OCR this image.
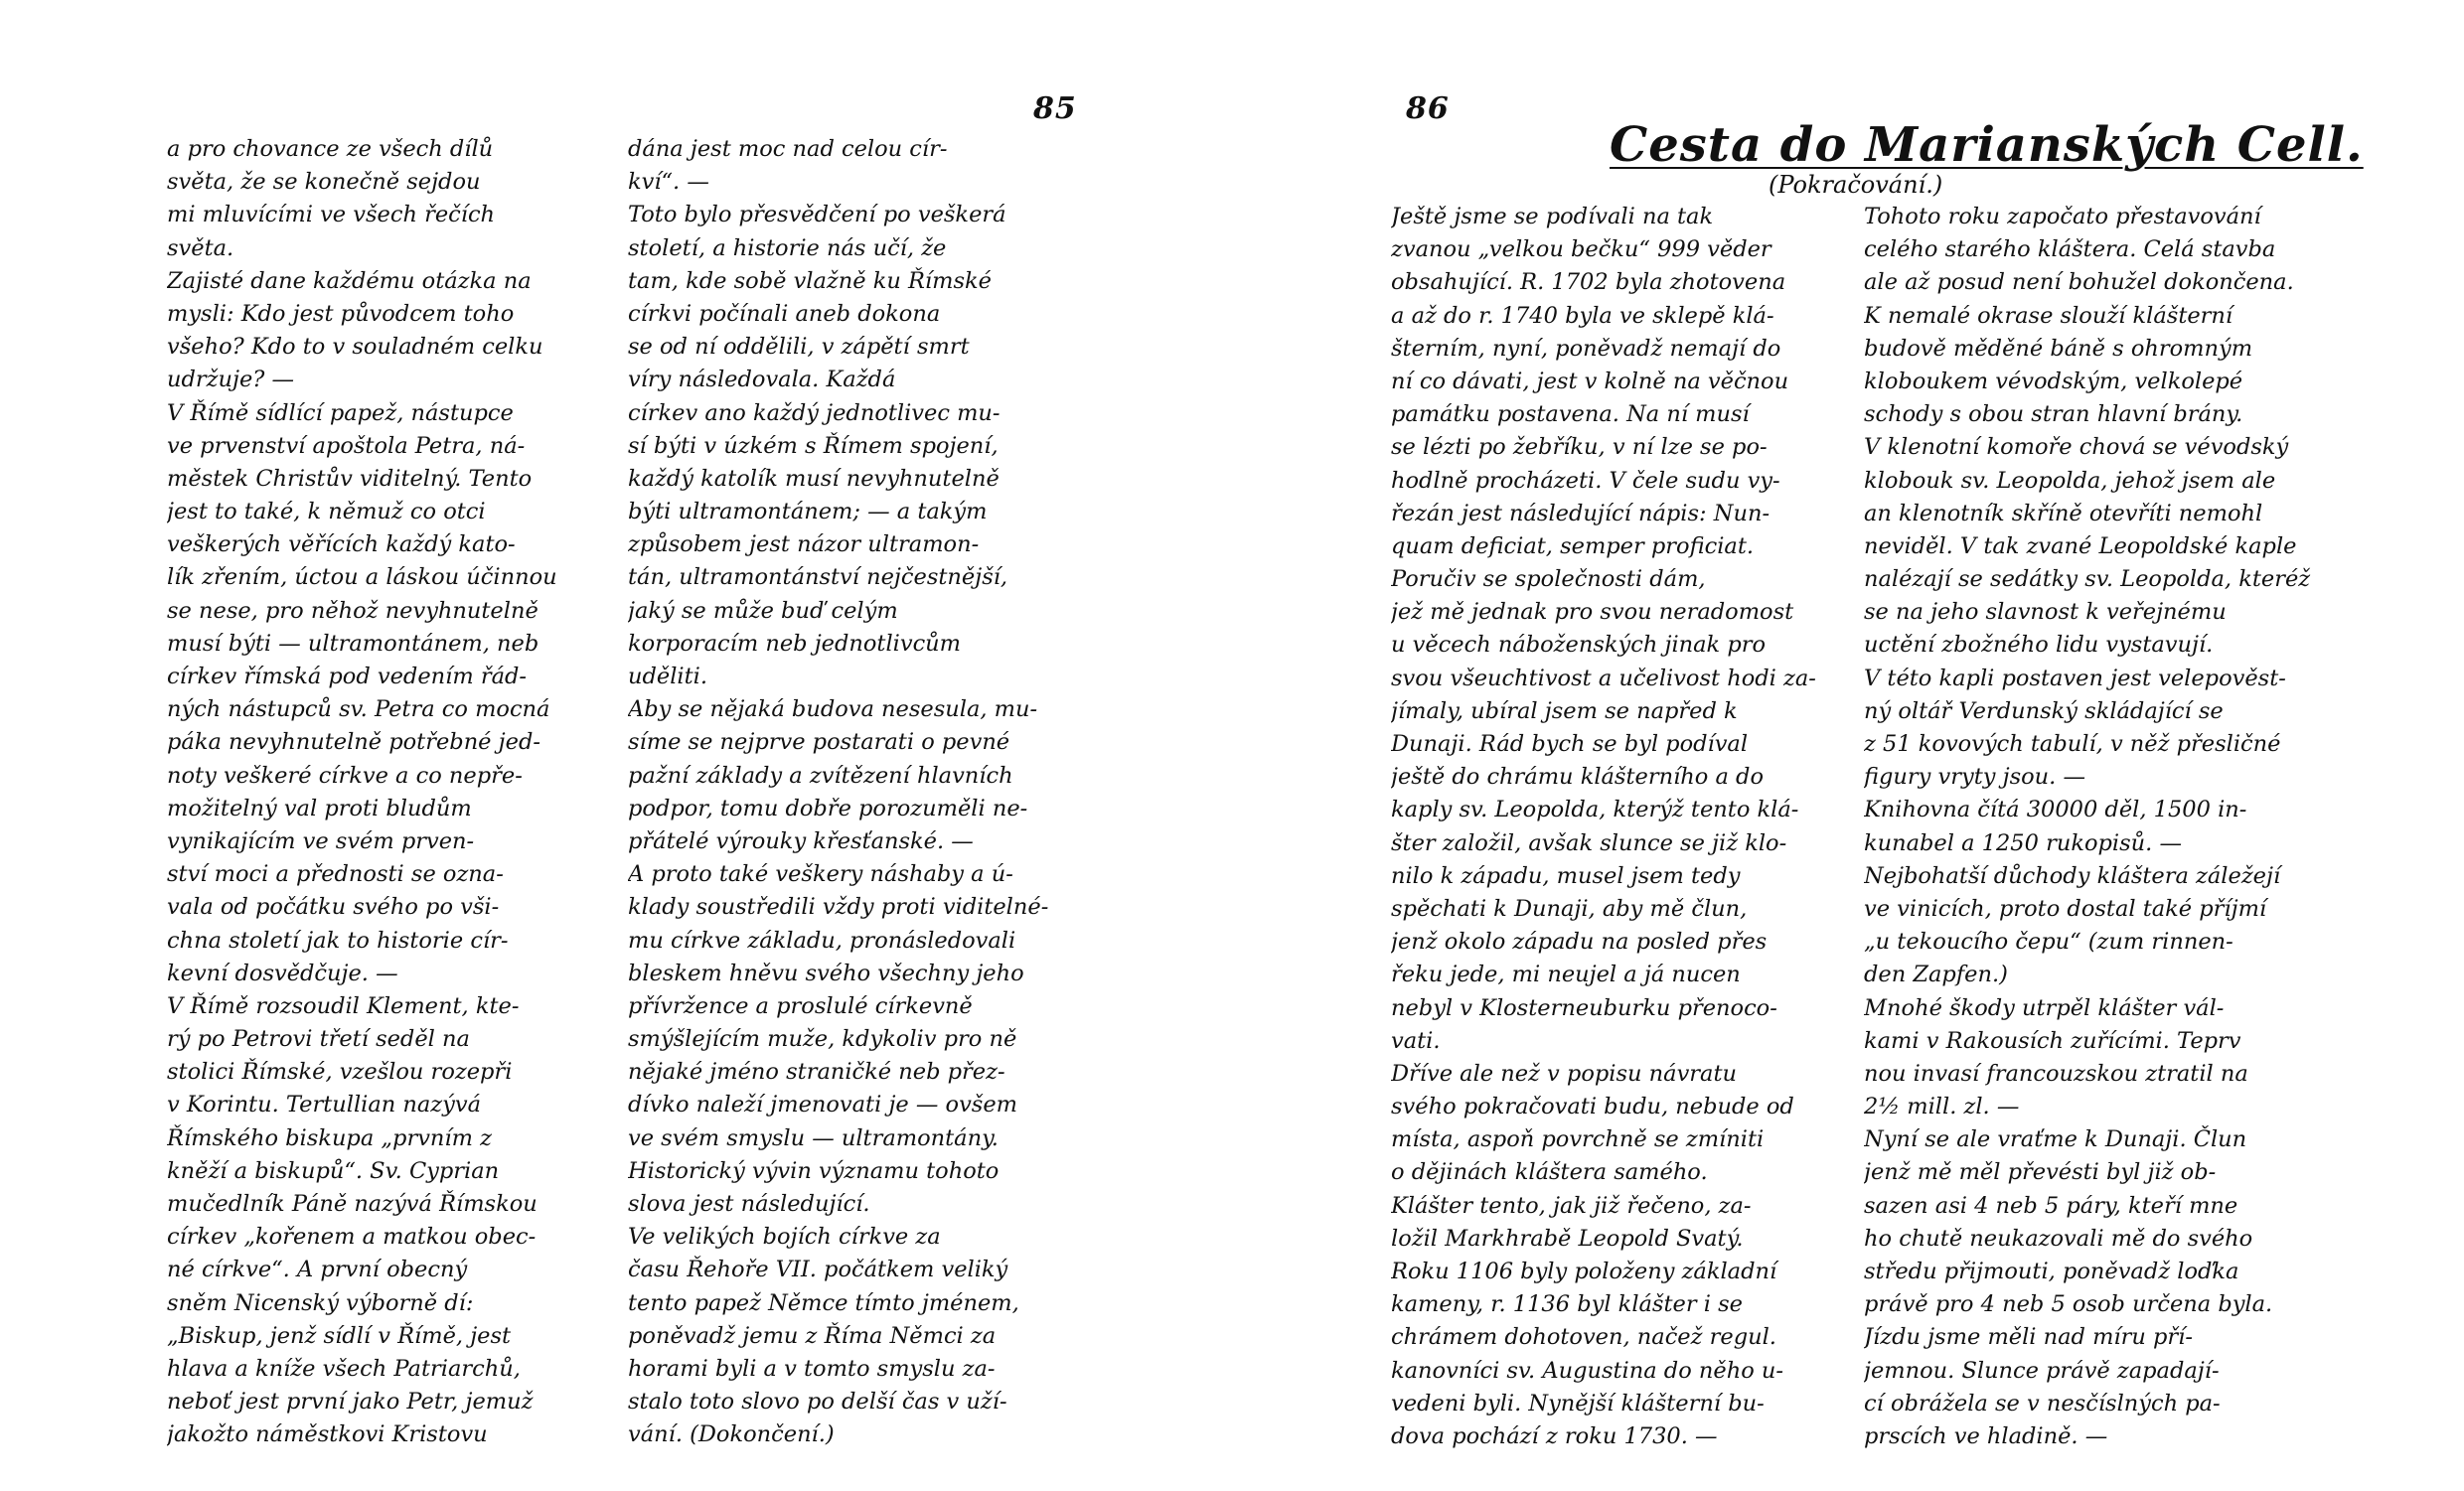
85
a pro chovance ze všech dílů
světa, že se konečně sejdou
mi mluvícími ve všech řečích
světa.
Zajisté dane každému otázka na
mysli: Kdo jest původcem toho
všeho? Kdo to v souladném celku
udržuje? —
V Římě sídlící papež, nástupce
ve prvenství apoštola Petra, ná-
městek Christův viditelný. Tento
jest to také, k němuž co otci
veškerých věřících každý kato-
lík zřením, úctou a láskou účinnou
se nese, pro něhož nevyhnutelně
musí býti — ultramontánem, neb
církev římská pod vedením řád-
ných nástupců sv. Petra co mocná
páka nevyhnutelně potřebné jed-
noty veškeré církve a co nepře-
možitelný val proti bludům
vynikajícím ve svém prven-
ství moci a přednosti se ozna-
vala od počátku svého po vši-
chna století jak to historie cír-
kevní dosvědčuje. —
V Římě rozsoudil Klement, kte-
rý po Petrovi třetí seděl na
stolici Římské, vzešlou rozepři
v Korintu. Tertullian nazývá
Římského biskupa „prvním z
kněží a biskupů“. Sv. Cyprian
mučedlník Páně nazývá Římskou
církev „kořenem a matkou obec-
né církve“. A první obecný
sněm Nicenský výborně dí:
„Biskup, jenž sídlí v Římě, jest
hlava a kníže všech Patriarchů,
neboť jest první jako Petr, jemuž
jakožto náměstkovi Kristovu
dána jest moc nad celou cír-
kví“. —
Toto bylo přesvědčení po veškerá
století, a historie nás učí, že
tam, kde sobě vlažně ku Římské
církvi počínali aneb dokona
se od ní oddělili, v zápětí smrt
víry následovala. Každá
církev ano každý jednotlivec mu-
sí býti v úzkém s Římem spojení,
každý katolík musí nevyhnutelně
býti ultramontánem; — a takým
způsobem jest názor ultramon-
tán, ultramontánství nejčestnější,
jaký se může buď celým
korporacím neb jednotlivcům
uděliti.
Aby se nějaká budova nesesula, mu-
síme se nejprve postarati o pevné
pažní základy a zvítězení hlavních
podpor, tomu dobře porozuměli ne-
přátelé výrouky křesťanské. —
A proto také veškery náshaby a ú-
klady soustředili vždy proti viditelné-
mu církve základu, pronásledovali
bleskem hněvu svého všechny jeho
přívržence a proslulé církevně
smýšlejícím muže, kdykoliv pro ně
nějaké jméno straničké neb přez-
dívko naleží jmenovati je — ovšem
ve svém smyslu — ultramontány.
Historický vývin významu tohoto
slova jest následující.
Ve velikých bojích církve za
času Řehoře VII. počátkem veliký
tento papež Němce tímto jménem,
poněvadž jemu z Říma Němci za
horami byli a v tomto smyslu za-
stalo toto slovo po delší čas v uží-
vání. (Dokončení.)
86
Cesta do Marianských Cell.
(Pokračování.)
Ještě jsme se podívali na tak
zvanou „velkou bečku“ 999 věder
obsahující. R. 1702 byla zhotovena
a až do r. 1740 byla ve sklepě klá-
šterním, nyní, poněvadž nemají do
ní co dávati, jest v kolně na věčnou
památku postavena. Na ní musí
se lézti po žebříku, v ní lze se po-
hodlně procházeti. V čele sudu vy-
řezán jest následující nápis: Nun-
quam deficiat, semper proficiat.
Poručiv se společnosti dám,
jež mě jednak pro svou neradomost
u věcech náboženských jinak pro
svou všeuchtivost a učelivost hodi za-
jímaly, ubíral jsem se napřed k
Dunaji. Rád bych se byl podíval
ještě do chrámu klášterního a do
kaply sv. Leopolda, kterýž tento klá-
šter založil, avšak slunce se již klo-
nilo k západu, musel jsem tedy
spěchati k Dunaji, aby mě člun,
jenž okolo západu na posled přes
řeku jede, mi neujel a já nucen
nebyl v Klosterneuburku přenoco-
vati.
Dříve ale než v popisu návratu
svého pokračovati budu, nebude od
místa, aspoň povrchně se zmíniti
o dějinách kláštera samého.
Klášter tento, jak již řečeno, za-
ložil Markhrabě Leopold Svatý.
Roku 1106 byly položeny základní
kameny, r. 1136 byl klášter i se
chrámem dohotoven, načež regul.
kanovníci sv. Augustina do něho u-
vedeni byli. Nynější klášterní bu-
dova pochází z roku 1730. —
Tohoto roku započato přestavování
celého starého kláštera. Celá stavba
ale až posud není bohužel dokončena.
K nemalé okrase slouží klášterní
budově měděné báně s ohromným
kloboukem vévodským, velkolepé
schody s obou stran hlavní brány.
V klenotní komoře chová se vévodský
klobouk sv. Leopolda, jehož jsem ale
an klenotník skříně otevříti nemohl
neviděl. V tak zvané Leopoldské kaple
nalézají se sedátky sv. Leopolda, kteréž
se na jeho slavnost k veřejnému
uctění zbožného lidu vystavují.
V této kapli postaven jest velepověst-
ný oltář Verdunský skládající se
z 51 kovových tabulí, v něž přesličné
figury vryty jsou. —
Knihovna čítá 30000 děl, 1500 in-
kunabel a 1250 rukopisů. —
Nejbohatší důchody kláštera záležejí
ve vinicích, proto dostal také příjmí
„u tekoucího čepu“ (zum rinnen-
den Zapfen.)
Mnohé škody utrpěl klášter vál-
kami v Rakousích zuřícími. Teprv
nou invasí francouzskou ztratil na
2½ mill. zl. —
Nyní se ale vraťme k Dunaji. Člun
jenž mě měl převésti byl již ob-
sazen asi 4 neb 5 páry, kteří mne
ho chutě neukazovali mě do svého
středu přijmouti, poněvadž loďka
právě pro 4 neb 5 osob určena byla.
Jízdu jsme měli nad míru pří-
jemnou. Slunce právě zapadají-
cí obrážela se v nesčíslných pa-
prscích ve hladině. —
